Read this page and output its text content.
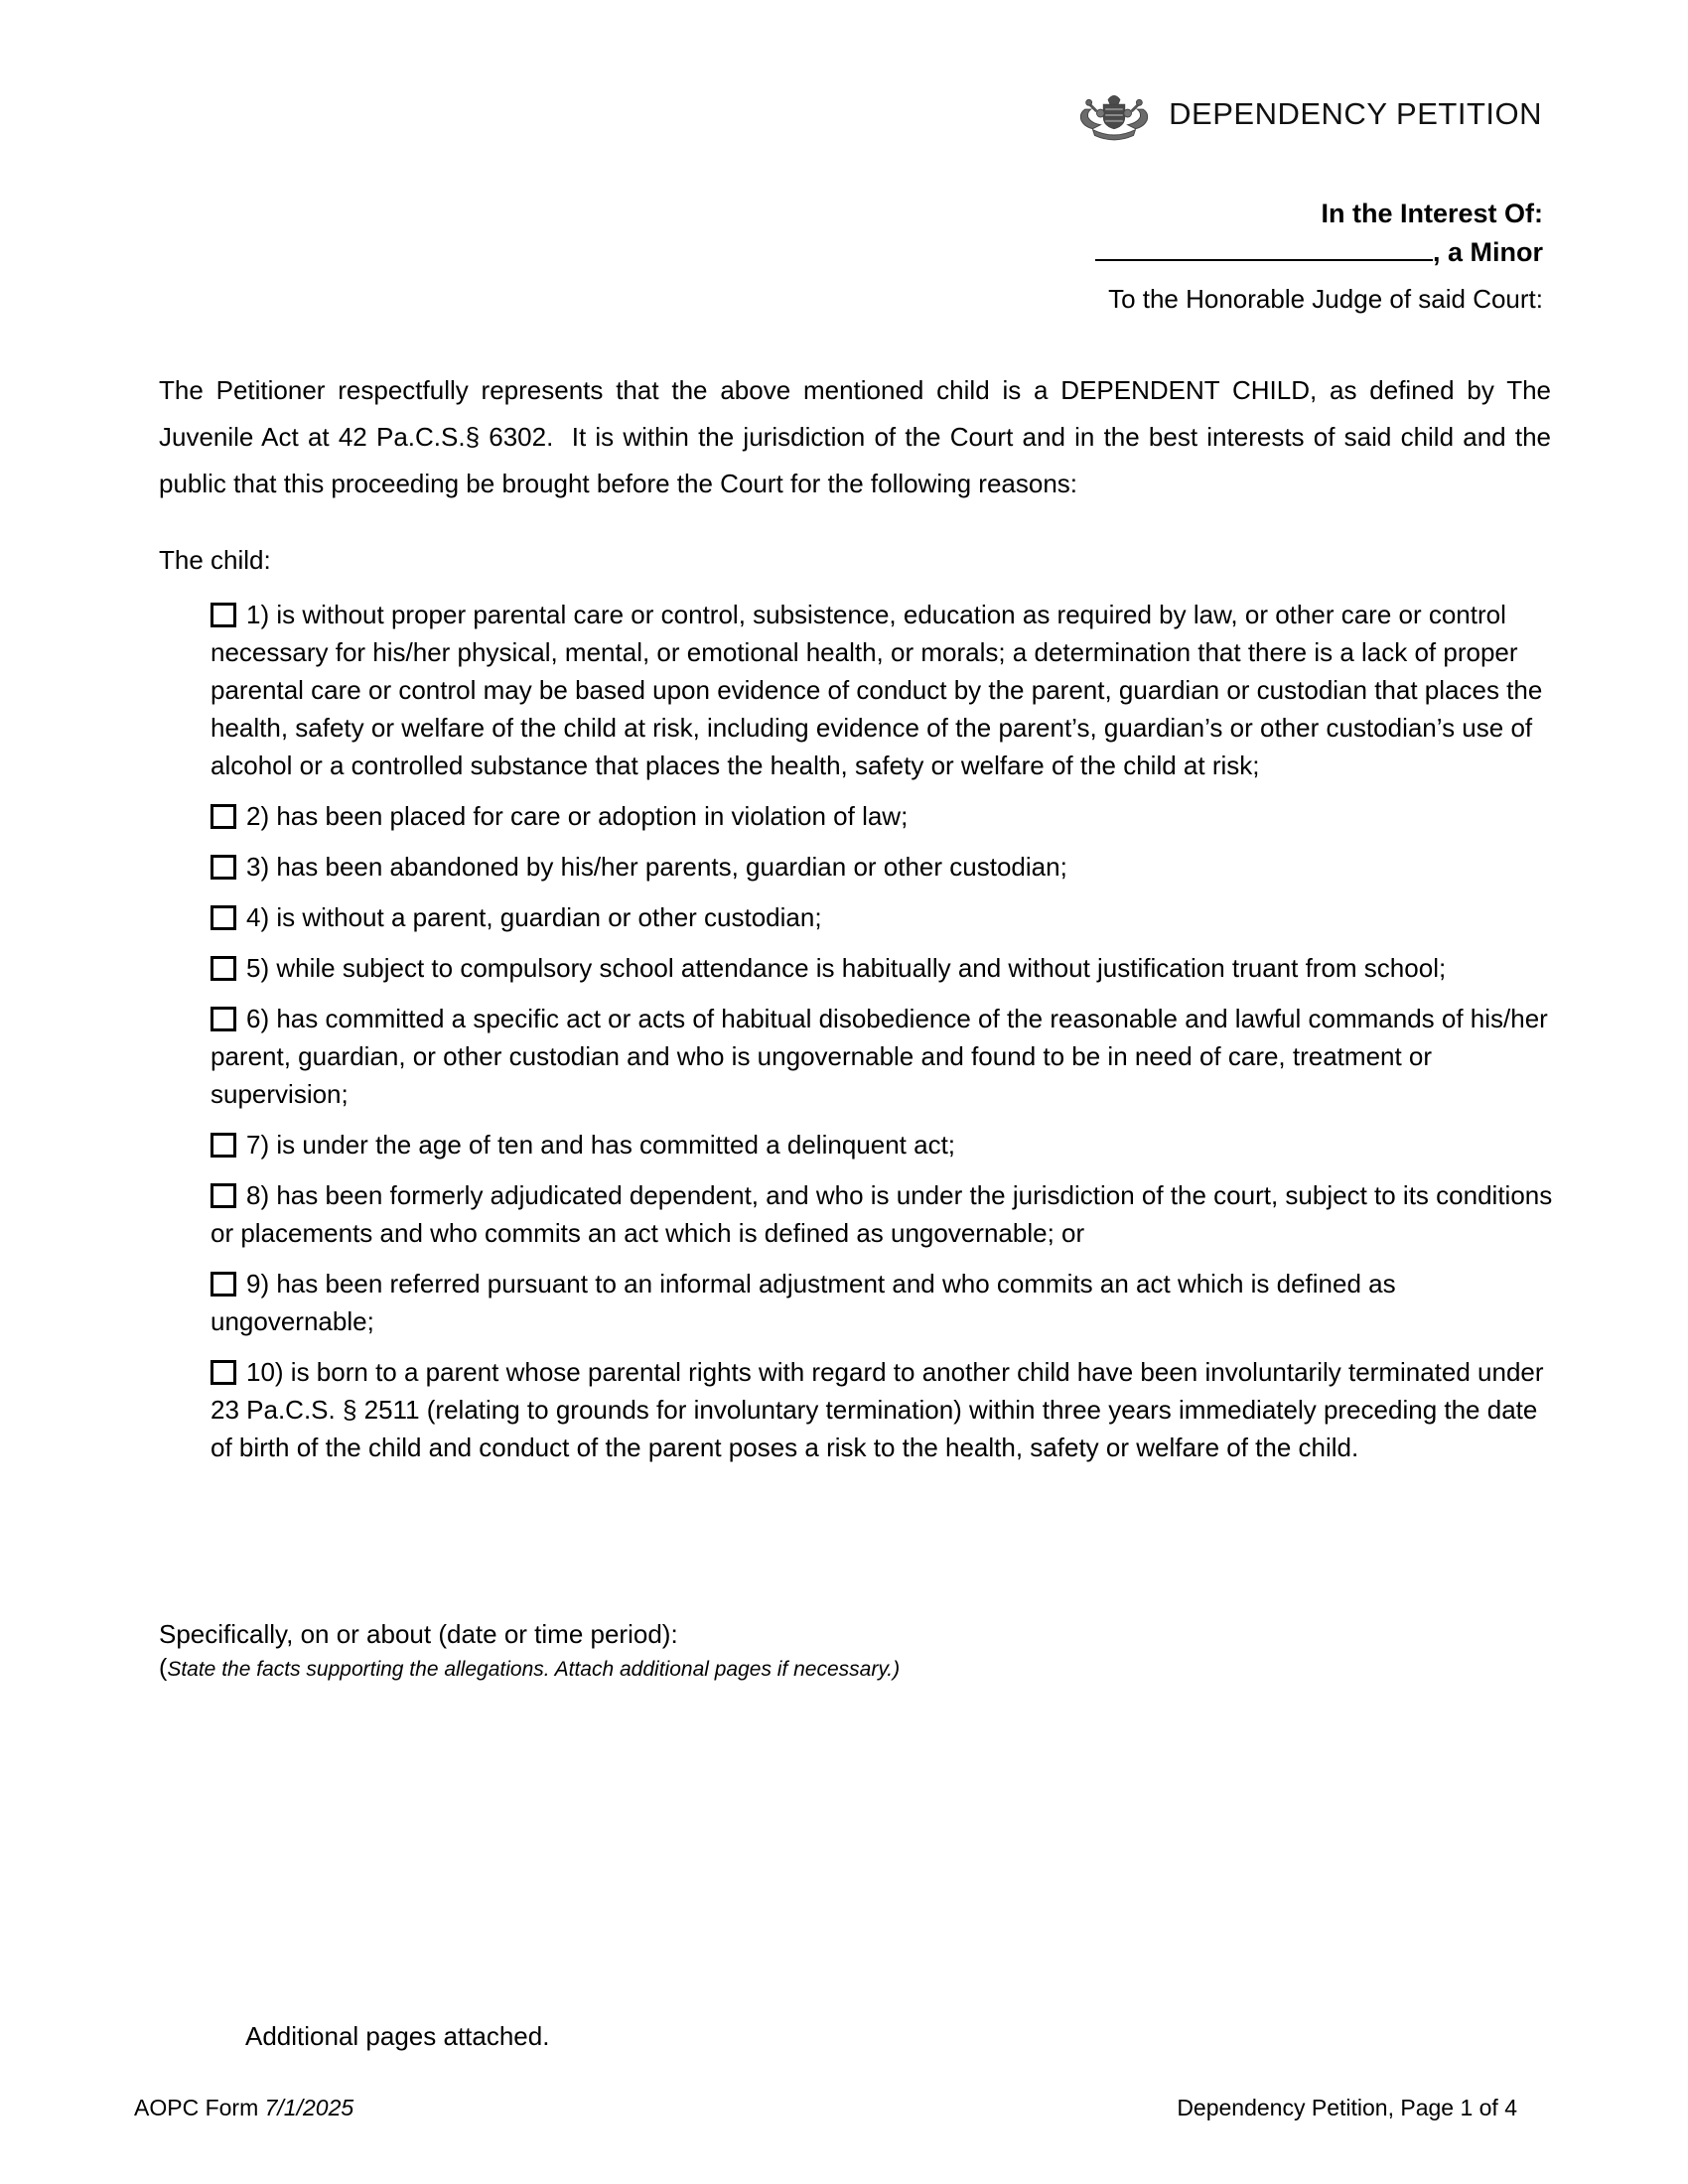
DEPENDENCY PETITION
In the Interest Of:
, a Minor
To the Honorable Judge of said Court:
The Petitioner respectfully represents that the above mentioned child is a DEPENDENT CHILD, as defined by The Juvenile Act at 42 Pa.C.S.§ 6302.  It is within the jurisdiction of the Court and in the best interests of said child and the public that this proceeding be brought before the Court for the following reasons:
The child:
1) is without proper parental care or control, subsistence, education as required by law, or other care or control necessary for his/her physical, mental, or emotional health, or morals; a determination that there is a lack of proper parental care or control may be based upon evidence of conduct by the parent, guardian or custodian that places the health, safety or welfare of the child at risk, including evidence of the parent’s, guardian’s or other custodian’s use of alcohol or a controlled substance that places the health, safety or welfare of the child at risk;
2) has been placed for care or adoption in violation of law;
3) has been abandoned by his/her parents, guardian or other custodian;
4) is without a parent, guardian or other custodian;
5) while subject to compulsory school attendance is habitually and without justification truant from school;
6) has committed a specific act or acts of habitual disobedience of the reasonable and lawful commands of his/her parent, guardian, or other custodian and who is ungovernable and found to be in need of care, treatment or supervision;
7) is under the age of ten and has committed a delinquent act;
8) has been formerly adjudicated dependent, and who is under the jurisdiction of the court, subject to its conditions or placements and who commits an act which is defined as ungovernable; or
9) has been referred pursuant to an informal adjustment and who commits an act which is defined as ungovernable;
10) is born to a parent whose parental rights with regard to another child have been involuntarily terminated under 23 Pa.C.S. § 2511 (relating to grounds for involuntary termination) within three years immediately preceding the date of birth of the child and conduct of the parent poses a risk to the health, safety or welfare of the child.
Specifically, on or about (date or time period):
(State the facts supporting the allegations. Attach additional pages if necessary.)
Additional pages attached.
AOPC Form 7/1/2025	Dependency Petition, Page 1 of 4
